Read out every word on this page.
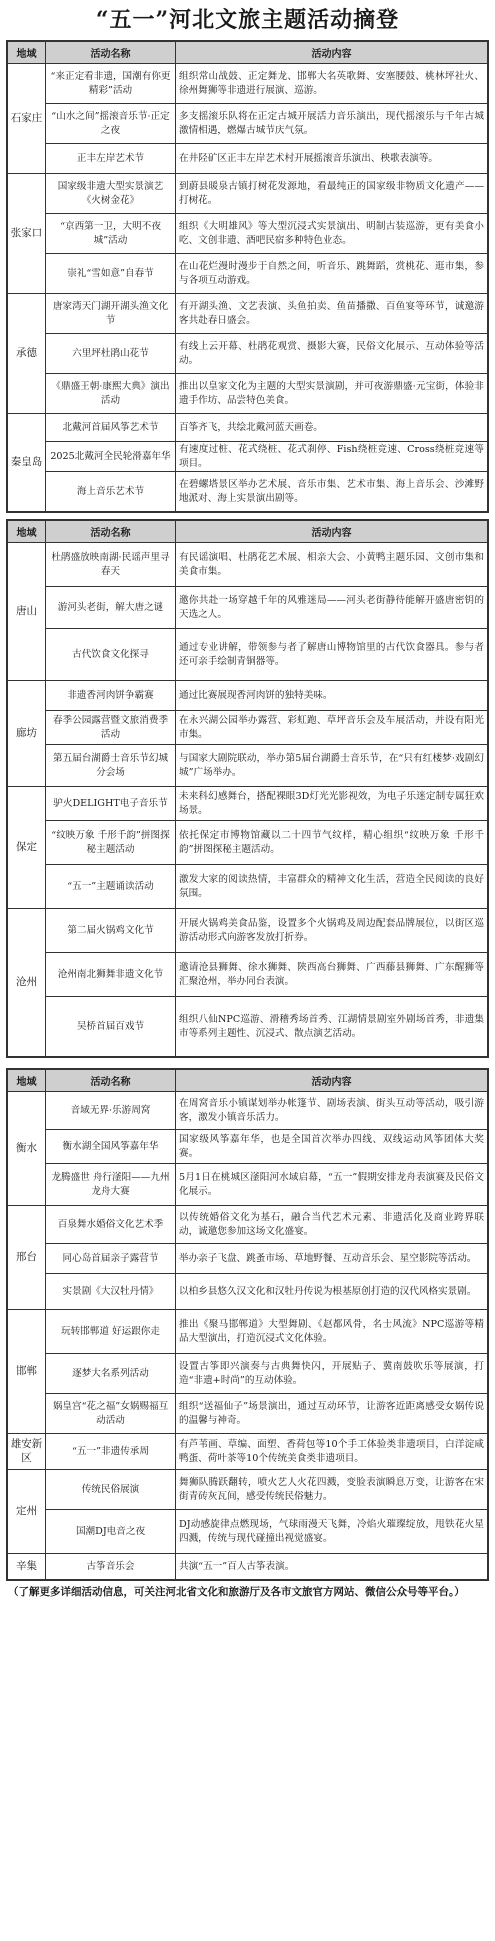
“五一”河北文旅主题活动摘登
地域	活动名称	活动内容
石家庄	“来正定看非遗，国潮有你更精彩”活动	组织常山战鼓、正定舞龙、邯郸大名英歌舞、安塞腰鼓、桃林坪社火、徐州舞狮等非遗进行展演、巡游。
	“山水之间”摇滚音乐节·正定之夜	多支摇滚乐队将在正定古城开展活力音乐演出，现代摇滚乐与千年古城激情相遇，燃爆古城节庆气氛。
	正丰左岸艺术节	在井陉矿区正丰左岸艺术村开展摇滚音乐演出、秧歌表演等。
张家口	国家级非遗大型实景演艺《火树金花》	到蔚县暖泉古镇打树花发源地，看最纯正的国家级非物质文化遗产——打树花。
	“京西第一卫，大明不夜城”活动	组织《大明雄风》等大型沉浸式实景演出、明制古装巡游，更有美食小吃、文创非遗、酒吧民宿多种特色业态。
	崇礼“雪如意”自春节	在山花烂漫时漫步于自然之间，听音乐、跳舞蹈，赏桃花、逛市集，参与各项互动游戏。
承德	唐家湾天门湖开湖头渔文化节	有开湖头渔、文艺表演、头鱼拍卖、鱼苗播撒、百鱼宴等环节，诚邀游客共赴春日盛会。
	六里坪杜鹃山花节	有线上云开幕、杜鹃花观赏、摄影大赛，民俗文化展示、互动体验等活动。
	《鼎盛王朝·康熙大典》演出活动	推出以皇家文化为主题的大型实景演剧，并可夜游鼎盛·元宝街，体验非遗手作坊、品尝特色美食。
秦皇岛	北戴河首届风筝艺术节	百筝齐飞，共绘北戴河蓝天画卷。
	2025北戴河全民轮滑嘉年华	有速度过桩、花式绕桩、花式刹停、Fish绕桩竞速、Cross绕桩竞速等项目。
	海上音乐艺术节	在碧螺塔景区举办艺术展、音乐市集、艺术市集、海上音乐会、沙滩野地派对、海上实景演出剧等。
地域	活动名称	活动内容
唐山	杜鹃盛放映南湖·民谣声里寻春天	有民谣演唱、杜鹃花艺术展、相亲大会、小黄鸭主题乐园、文创市集和美食市集。
	游河头老街，解大唐之谜	邀你共赴一场穿越千年的风雅迷局——河头老街静待能解开盛唐密钥的天选之人。
	古代饮食文化探寻	通过专业讲解，带领参与者了解唐山博物馆里的古代饮食器具。参与者还可亲手绘制青铜器等。
廊坊	非遗香河肉饼争霸赛	通过比赛展现香河肉饼的独特美味。
	春季公园露营暨文旅消费季活动	在永兴湖公园举办露营、彩虹跑、草坪音乐会及车展活动，并设有阳光市集。
	第五届台湖爵士音乐节幻城分会场	与国家大剧院联动，举办第5届台湖爵士音乐节，在“只有红楼梦·戏剧幻城”广场举办。
保定	驴火DELIGHT电子音乐节	未来科幻感舞台，搭配裸眼3D灯光光影视效，为电子乐迷定制专属狂欢场景。
	“纹映万象 千形千韵”拼图探秘主题活动	依托保定市博物馆藏以二十四节气纹样，精心组织“纹映万象 千形千韵”拼图探秘主题活动。
	“五一”主题诵读活动	激发大家的阅读热情，丰富群众的精神文化生活，营造全民阅读的良好氛围。
沧州	第二届火锅鸡文化节	开展火锅鸡美食品鉴，设置多个火锅鸡及周边配套品牌展位，以街区巡游活动形式向游客发放打折券。
	沧州南北狮舞非遗文化节	邀请沧县狮舞、徐水狮舞、陕西高台狮舞、广西藤县狮舞、广东醒狮等汇聚沧州，举办同台表演。
	吴桥首届百戏节	组织八仙NPC巡游、滑稽秀场首秀、江湖情景剧室外剧场首秀，非遗集市等系列主题性、沉浸式、散点演艺活动。
地域	活动名称	活动内容
衡水	音域无界·乐游周窝	在周窝音乐小镇谋划举办帐篷节、剧场表演、街头互动等活动，吸引游客，激发小镇音乐活力。
	衡水湖全国风筝嘉年华	国家级风筝嘉年华，也是全国首次举办四线、双线运动风筝团体大奖赛。
	龙腾盛世 舟行滏阳——九州龙舟大赛	5月1日在桃城区滏阳河水域启幕，“五一”假期安排龙舟表演赛及民俗文化展示。
邢台	百泉舞水婚俗文化艺术季	以传统婚俗文化为基石，融合当代艺术元素、非遗活化及商业跨界联动，诚邀您参加这场文化盛宴。
	同心岛首届亲子露营节	举办亲子飞盘、跳蚤市场、草地野餐、互动音乐会、星空影院等活动。
	实景剧《大汉牡丹情》	以柏乡县悠久汉文化和汉牡丹传说为根基原创打造的汉代风格实景剧。
邯郸	玩转邯郸道 好运跟你走	推出《聚马邯郸道》大型舞剧、《赵都风骨，名士风流》NPC巡游等精品大型演出，打造沉浸式文化体验。
	逐梦大名系列活动	设置古筝即兴演奏与古典舞快闪，开展贴子、冀南鼓吹乐等展演，打造“非遗+时尚”的互动体验。
	娲皇宫“花之福”女娲赐福互动活动	组织“送福仙子”场景演出，通过互动环节，让游客近距离感受女娲传说的温馨与神奇。
雄安新区	“五一”非遗传承周	有芦苇画、草编、面塑、香荷包等10个手工体验类非遗项目，白洋淀咸鸭蛋、荷叶茶等10个传统美食类非遗项目。
定州	传统民俗展演	舞狮队腾跃翻转，喷火艺人火花四溅，变脸表演瞬息万变，让游客在宋街青砖灰瓦间，感受传统民俗魅力。
	国潮DJ电音之夜	DJ动感旋律点燃现场，气球雨漫天飞舞，冷焰火璀璨绽放，甩铁花火星四溅，传统与现代碰撞出视觉盛宴。
辛集	古筝音乐会	共演“五一”百人古筝表演。
（了解更多详细活动信息，可关注河北省文化和旅游厅及各市文旅官方网站、微信公众号等平台。）
